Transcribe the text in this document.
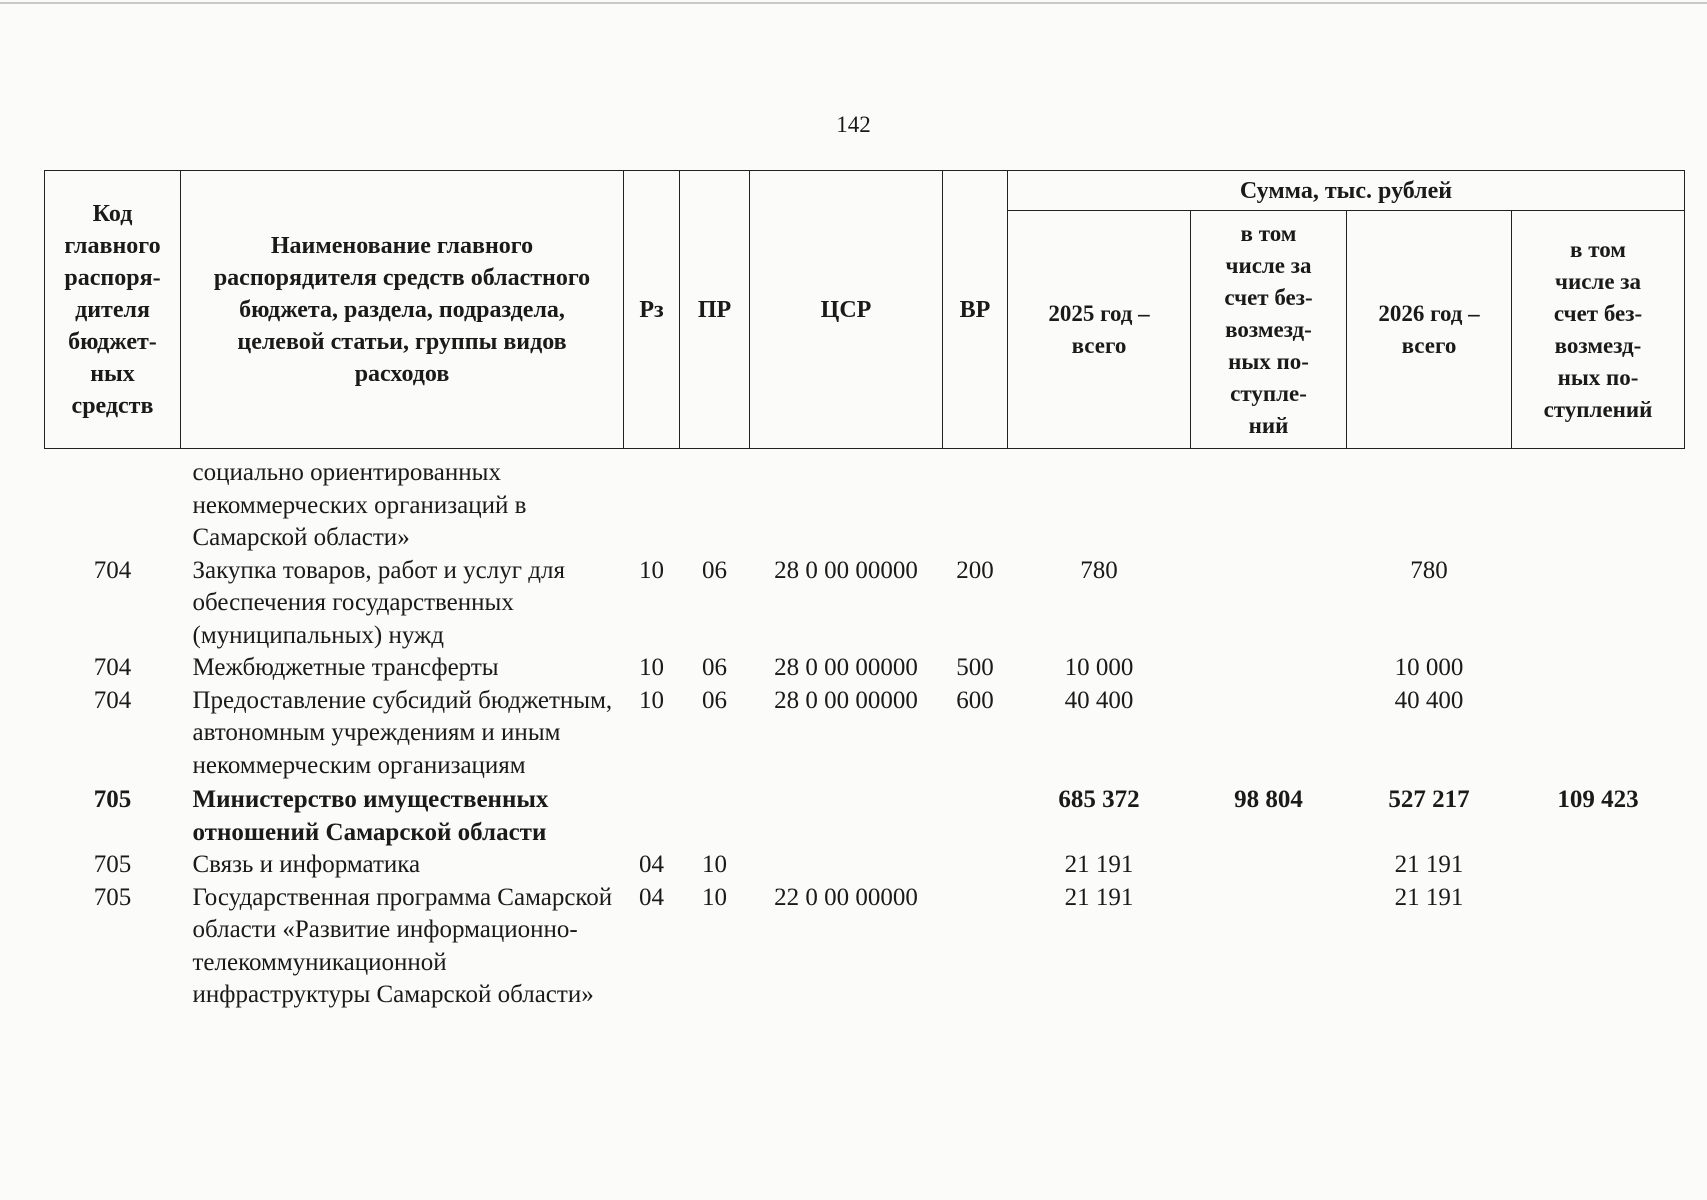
142
Код главного распоря-дителя бюджет-ных средств	Наименование главного распорядителя средств областного бюджета, раздела, подраздела, целевой статьи, группы видов расходов	Рз	ПР	ЦСР	ВР	Сумма, тыс. рублей			
						2025 год – всего	в том числе за счет без-возмезд-ных по-ступле-ний	2026 год – всего	в том числе за счет без-возмезд-ных по-ступлений
	социально ориентированных некоммерческих организаций в Самарской области»								
704	Закупка товаров, работ и услуг для обеспечения государственных (муниципальных) нужд	10	06	28 0 00 00000	200	780		780	
704	Межбюджетные трансферты	10	06	28 0 00 00000	500	10 000		10 000	
704	Предоставление субсидий бюджетным, автономным учреждениям и иным некоммерческим организациям	10	06	28 0 00 00000	600	40 400		40 400	
705	Министерство имущественных отношений Самарской области					685 372	98 804	527 217	109 423
705	Связь и информатика	04	10			21 191		21 191	
705	Государственная программа Самарской области «Развитие информационно-телекоммуникационной инфраструктуры Самарской области»	04	10	22 0 00 00000		21 191		21 191	
